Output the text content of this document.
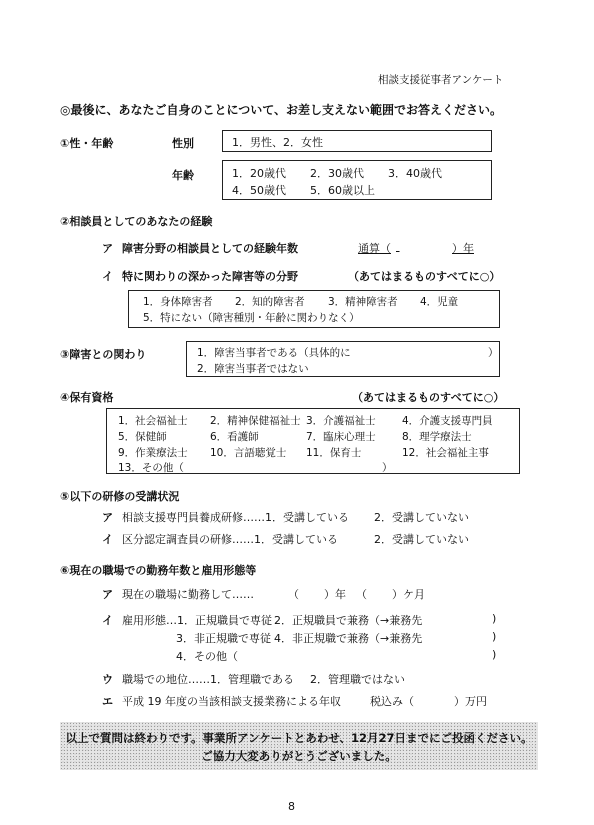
相談支援従事者アンケート
◎最後に、あなたご自身のことについて、お差し支えない範囲でお答えください。
①性・年齢	性別	1．男性、2．女性
年齢	1．20歳代 2．30歳代 3．40歳代
4．50歳代 5．60歳以上
②相談員としてのあなたの経験
ア 障害分野の相談員としての経験年数	通算（
	）年
イ 特に関わりの深かった障害等の分野	（あてはまるものすべてに○）
1．身体障害者 2．知的障害者 3．精神障害者 4．児童
5．特にない（障害種別・年齢に関わりなく）
③障害との関わり	1．障害当事者である（具体的に	）
2．障害当事者ではない
④保有資格	（あてはまるものすべてに○）
1．社会福祉士 2．精神保健福祉士 3．介護福祉士	4．介護支援専門員
5．保健師	6．看護師	7．臨床心理士	8．理学療法士
9．作業療法士 10．言語聴覚士 11．保育士	12．社会福祉主事
13．その他（	）
⑤以下の研修の受講状況
ア 相談支援専門員養成研修……1．受講している 2．受講していない
イ 区分認定調査員の研修……1．受講している	2．受講していない
⑥現在の職場での勤務年数と雇用形態等
ア 現在の職場に勤務して……	（ ）年 （ ）ケ月
イ 雇用形態…1．正規職員で専従 2．正規職員で兼務（→兼務先	)
3．非正規職で専従 4．非正規職で兼務（→兼務先	)
4．その他（	)
ウ 職場での地位……1．管理職である 2．管理職ではない
エ 平成 19 年度の当該相談支援業務による年収	税込み（	）万円
以上で質問は終わりです。事業所アンケートとあわせ、12月27日までにご投函ください。
ご協力大変ありがとうございました。
8
